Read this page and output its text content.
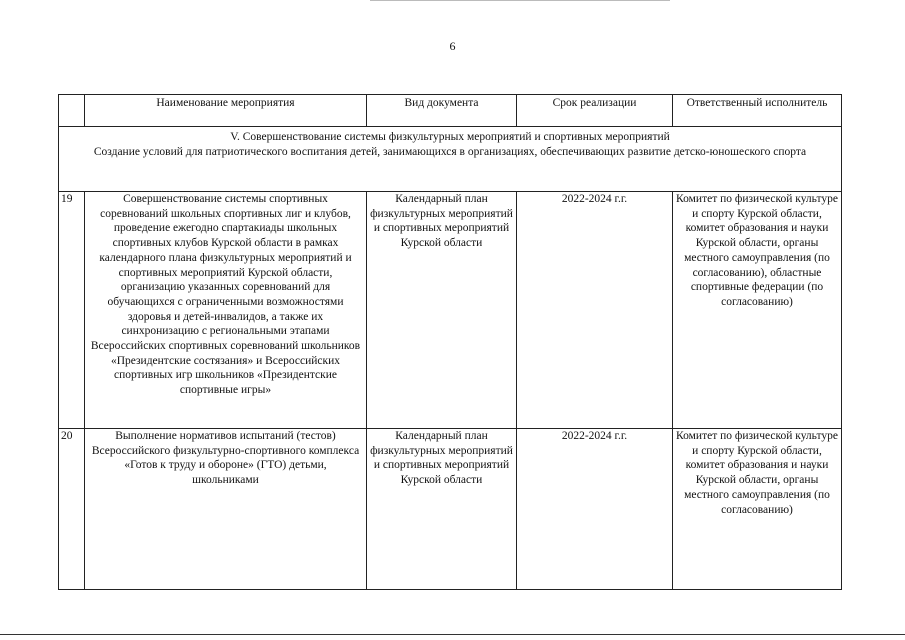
6
	Наименование мероприятия	Вид документа	Срок реализации	Ответственный исполнитель

V. Совершенствование системы физкультурных мероприятий и спортивных мероприятий
Создание условий для патриотического воспитания детей, занимающихся в организациях, обеспечивающих развитие детско-юношеского спорта				

19	Совершенствование системы спортивных соревнований школьных спортивных лиг и клубов, проведение ежегодно спартакиады школьных спортивных клубов Курской области в рамках календарного плана физкультурных мероприятий и спортивных мероприятий Курской области, организацию указанных соревнований для обучающихся с ограниченными возможностями здоровья и детей-инвалидов, а также их синхронизацию с региональными этапами Всероссийских спортивных соревнований школьников «Президентские состязания» и Всероссийских спортивных игр школьников «Президентские спортивные игры»	Календарный план физкультурных мероприятий и спортивных мероприятий Курской области	2022-2024 г.г.	Комитет по физической культуре и спорту Курской области, комитет образования и науки Курской области, органы местного самоуправления (по согласованию), областные спортивные федерации (по согласованию)
20	Выполнение нормативов испытаний (тестов) Всероссийского физкультурно-спортивного комплекса «Готов к труду и обороне» (ГТО) детьми, школьниками	Календарный план физкультурных мероприятий и спортивных мероприятий Курской области	2022-2024 г.г.	Комитет по физической культуре и спорту Курской области, комитет образования и науки Курской области, органы местного самоуправления (по согласованию)
